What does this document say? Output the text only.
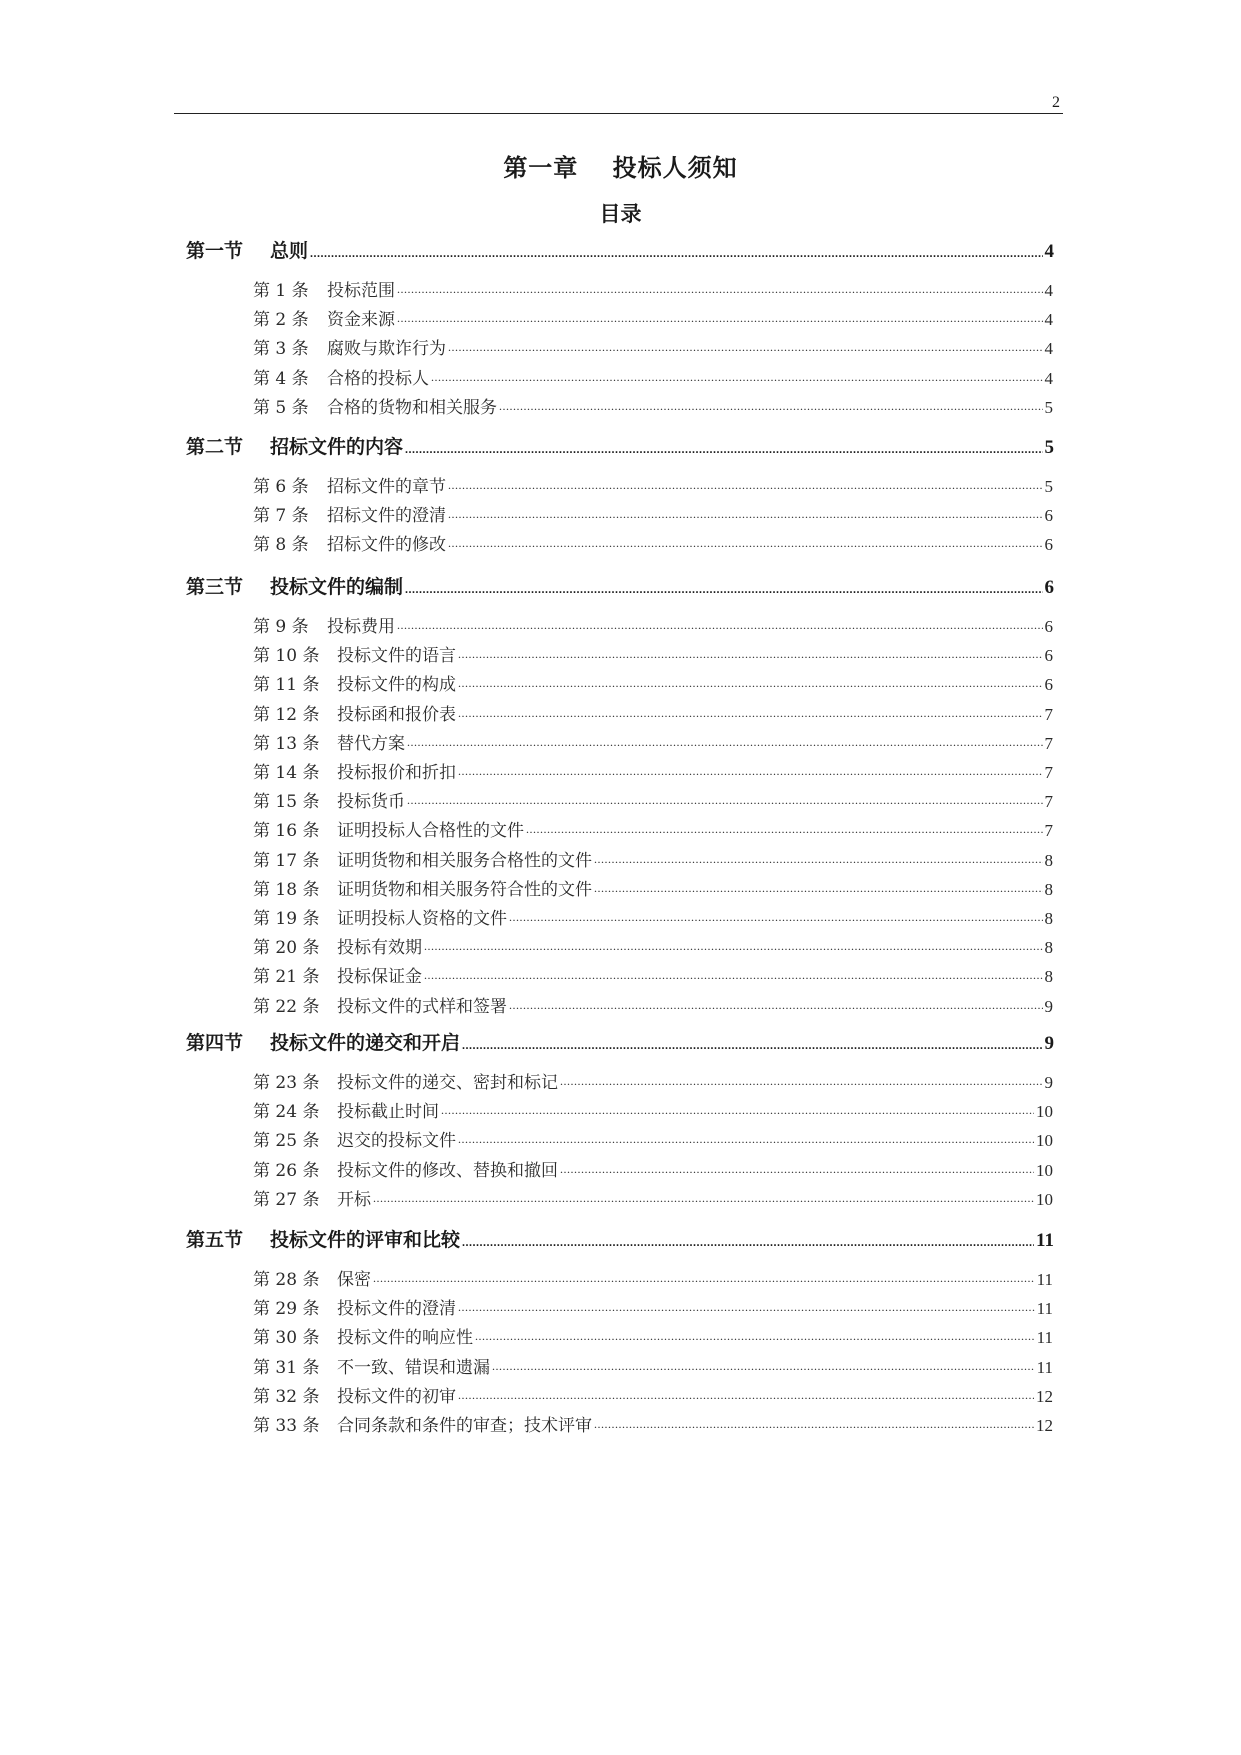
2
第一章　 投标人须知
目录
第一节	总则 .....	4
第 1 条	投标范围 .....	4
第 2 条	资金来源 .....	4
第 3 条	腐败与欺诈行为 .....	4
第 4 条	合格的投标人 .....	4
第 5 条	合格的货物和相关服务 .....	5
第二节	招标文件的内容 .....	5
第 6 条	招标文件的章节 .....	5
第 7 条	招标文件的澄清 .....	6
第 8 条	招标文件的修改 .....	6
第三节	投标文件的编制 .....	6
第 9 条	投标费用 .....	6
第 10 条	投标文件的语言 .....	6
第 11 条	投标文件的构成 .....	6
第 12 条	投标函和报价表 .....	7
第 13 条	替代方案 .....	7
第 14 条	投标报价和折扣 .....	7
第 15 条	投标货币 .....	7
第 16 条	证明投标人合格性的文件 .....	7
第 17 条	证明货物和相关服务合格性的文件 .....	8
第 18 条	证明货物和相关服务符合性的文件 .....	8
第 19 条	证明投标人资格的文件 .....	8
第 20 条	投标有效期 .....	8
第 21 条	投标保证金 .....	8
第 22 条	投标文件的式样和签署 .....	9
第四节	投标文件的递交和开启 .....	9
第 23 条	投标文件的递交、密封和标记 .....	9
第 24 条	投标截止时间 .....	10
第 25 条	迟交的投标文件 .....	10
第 26 条	投标文件的修改、替换和撤回 .....	10
第 27 条	开标 .....	10
第五节	投标文件的评审和比较 .....	11
第 28 条	保密 .....	11
第 29 条	投标文件的澄清 .....	11
第 30 条	投标文件的响应性 .....	11
第 31 条	不一致、错误和遗漏 .....	11
第 32 条	投标文件的初审 .....	12
第 33 条	合同条款和条件的审查；技术评审 .....	12
